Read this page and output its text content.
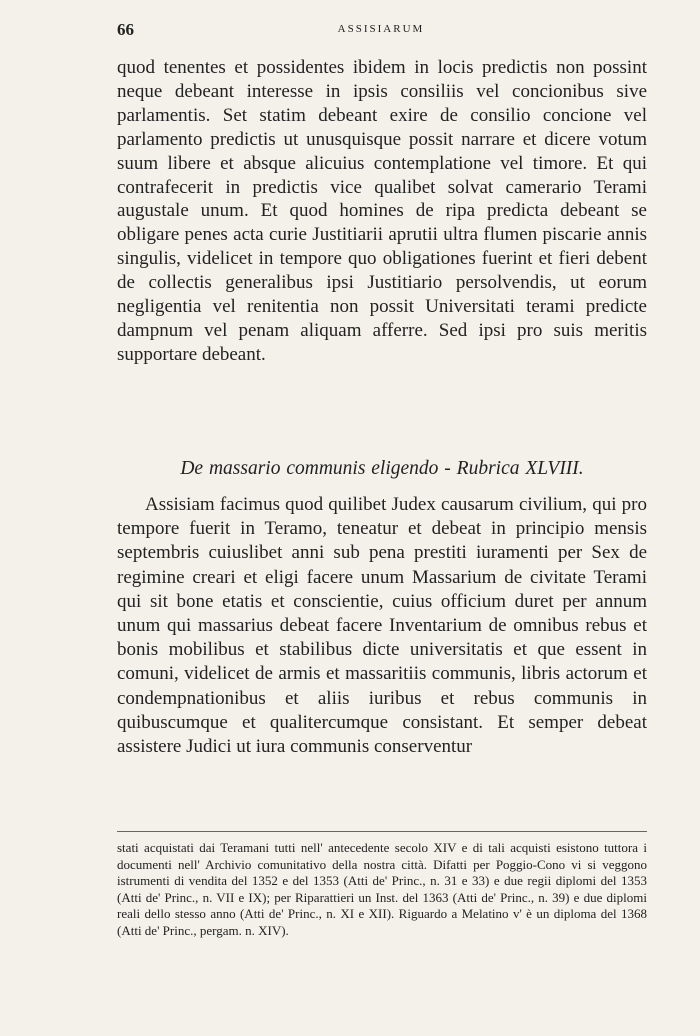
66	ASSISIARUM

quod tenentes et possidentes ibidem in locis predictis non possint neque debeant interesse in ipsis consiliis vel concionibus sive parlamentis. Set statim debeant exire de consilio concione vel parlamento predictis ut unusquisque possit narrare et dicere votum suum libere et absque alicuius contemplatione vel timore. Et qui contrafecerit in predictis vice qualibet solvat camerario Terami augustale unum. Et quod homines de ripa predicta debeant se obligare penes acta curie Justitiarii aprutii ultra flumen piscarie annis singulis, videlicet in tempore quo obligationes fuerint et fieri debent de collectis generalibus ipsi Justitiario persolvendis, ut eorum negligentia vel renitentia non possit Universitati terami predicte dampnum vel penam aliquam afferre. Sed ipsi pro suis meritis supportare debeant.

De massario communis eligendo - Rubrica XLVIII.

Assisiam facimus quod quilibet Judex causarum civilium, qui pro tempore fuerit in Teramo, teneatur et debeat in principio mensis septembris cuiuslibet anni sub pena prestiti iuramenti per Sex de regimine creari et eligi facere unum Massarium de civitate Terami qui sit bone etatis et conscientie, cuius officium duret per annum unum qui massarius debeat facere Inventarium de omnibus rebus et bonis mobilibus et stabilibus dicte universitatis et que essent in comuni, videlicet de armis et massaritiis communis, libris actorum et condempnationibus et aliis iuribus et rebus communis in quibuscumque et qualitercumque consistant. Et semper debeat assistere Judici ut iura communis conserventur

stati acquistati dai Teramani tutti nell' antecedente secolo XIV e di tali acquisti esistono tuttora i documenti nell' Archivio comunitativo della nostra città. Difatti per Poggio-Cono vi si veggono istrumenti di vendita del 1352 e del 1353 (Atti de' Princ., n. 31 e 33) e due regii diplomi del 1353 (Atti de' Princ., n. VII e IX); per Riparattieri un Inst. del 1363 (Atti de' Princ., n. 39) e due diplomi reali dello stesso anno (Atti de' Princ., n. XI e XII). Riguardo a Melatino v' è un diploma del 1368 (Atti de' Princ., pergam. n. XIV).
